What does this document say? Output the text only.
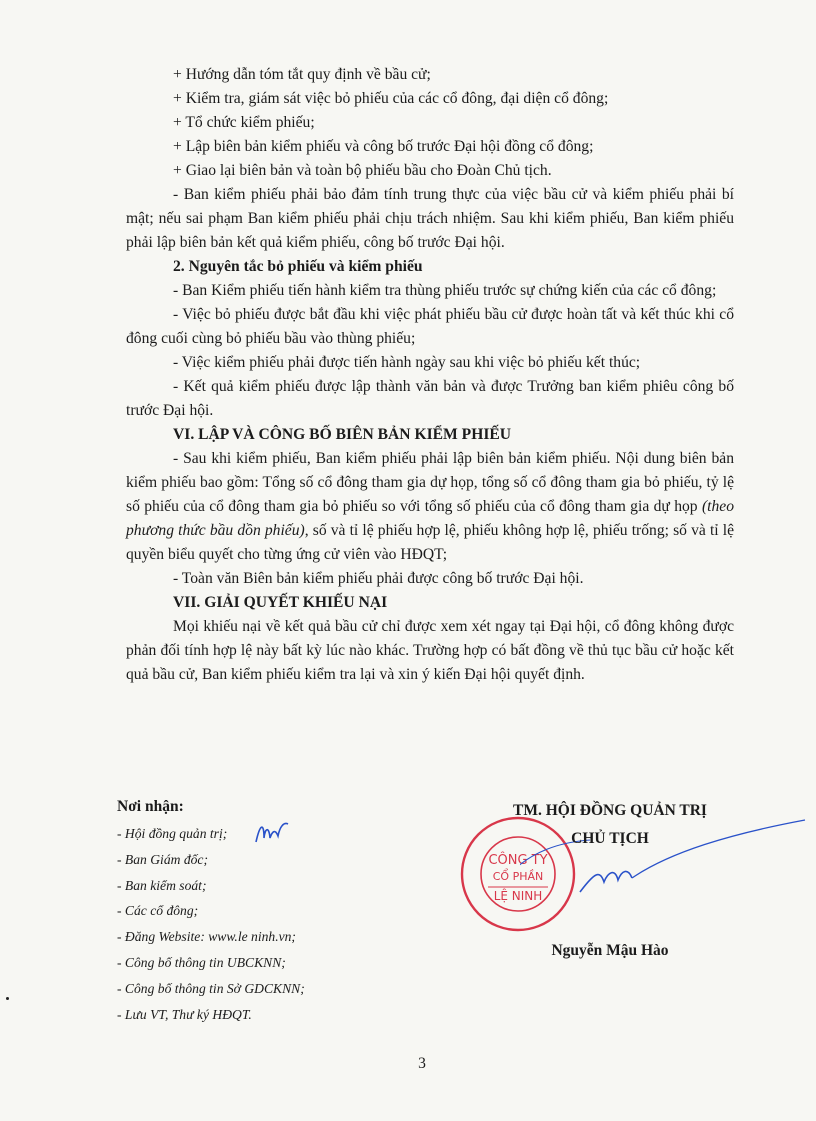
+ Hướng dẫn tóm tắt quy định về bầu cử;

+ Kiểm tra, giám sát việc bỏ phiếu của các cổ đông, đại diện cổ đông;

+ Tổ chức kiểm phiếu;

+ Lập biên bản kiểm phiếu và công bố trước Đại hội đồng cổ đông;

+ Giao lại biên bản và toàn bộ phiếu bầu cho Đoàn Chủ tịch.

- Ban kiểm phiếu phải bảo đảm tính trung thực của việc bầu cử và kiểm phiếu phải bí mật; nếu sai phạm Ban kiểm phiếu phải chịu trách nhiệm. Sau khi kiểm phiếu, Ban kiểm phiếu phải lập biên bản kết quả kiểm phiếu, công bố trước Đại hội.

2. Nguyên tắc bỏ phiếu và kiểm phiếu

- Ban Kiểm phiếu tiến hành kiểm tra thùng phiếu trước sự chứng kiến của các cổ đông;

- Việc bỏ phiếu được bắt đầu khi việc phát phiếu bầu cử được hoàn tất và kết thúc khi cổ đông cuối cùng bỏ phiếu bầu vào thùng phiếu;

- Việc kiểm phiếu phải được tiến hành ngày sau khi việc bỏ phiếu kết thúc;

- Kết quả kiểm phiếu được lập thành văn bản và được Trưởng ban kiểm phiêu công bố trước Đại hội.

VI. LẬP VÀ CÔNG BỐ BIÊN BẢN KIỂM PHIẾU

- Sau khi kiểm phiếu, Ban kiểm phiếu phải lập biên bản kiểm phiếu. Nội dung biên bản kiểm phiếu bao gồm: Tổng số cổ đông tham gia dự họp, tổng số cổ đông tham gia bỏ phiếu, tỷ lệ số phiếu của cổ đông tham gia bỏ phiếu so với tổng số phiếu của cổ đông tham gia dự họp (theo phương thức bầu dồn phiếu), số và tỉ lệ phiếu hợp lệ, phiếu không hợp lệ, phiếu trống; số và tỉ lệ quyền biểu quyết cho từng ứng cử viên vào HĐQT;

- Toàn văn Biên bản kiểm phiếu phải được công bố trước Đại hội.

VII. GIẢI QUYẾT KHIẾU NẠI

Mọi khiếu nại về kết quả bầu cử chỉ được xem xét ngay tại Đại hội, cổ đông không được phản đối tính hợp lệ này bất kỳ lúc nào khác. Trường hợp có bất đồng về thủ tục bầu cử hoặc kết quả bầu cử, Ban kiểm phiếu kiểm tra lại và xin ý kiến Đại hội quyết định.

Nơi nhận:
- Hội đồng quản trị;
- Ban Giám đốc;
- Ban kiểm soát;
- Các cổ đông;
- Đăng Website: www.le ninh.vn;
- Công bố thông tin UBCKNN;
- Công bố thông tin Sở GDCKNN;
- Lưu VT, Thư ký HĐQT.
CÔNG TY
CỔ PHẦN
LỆ NINH
TM. HỘI ĐỒNG QUẢN TRỊ
CHỦ TỊCH
Nguyễn Mậu Hào
3
